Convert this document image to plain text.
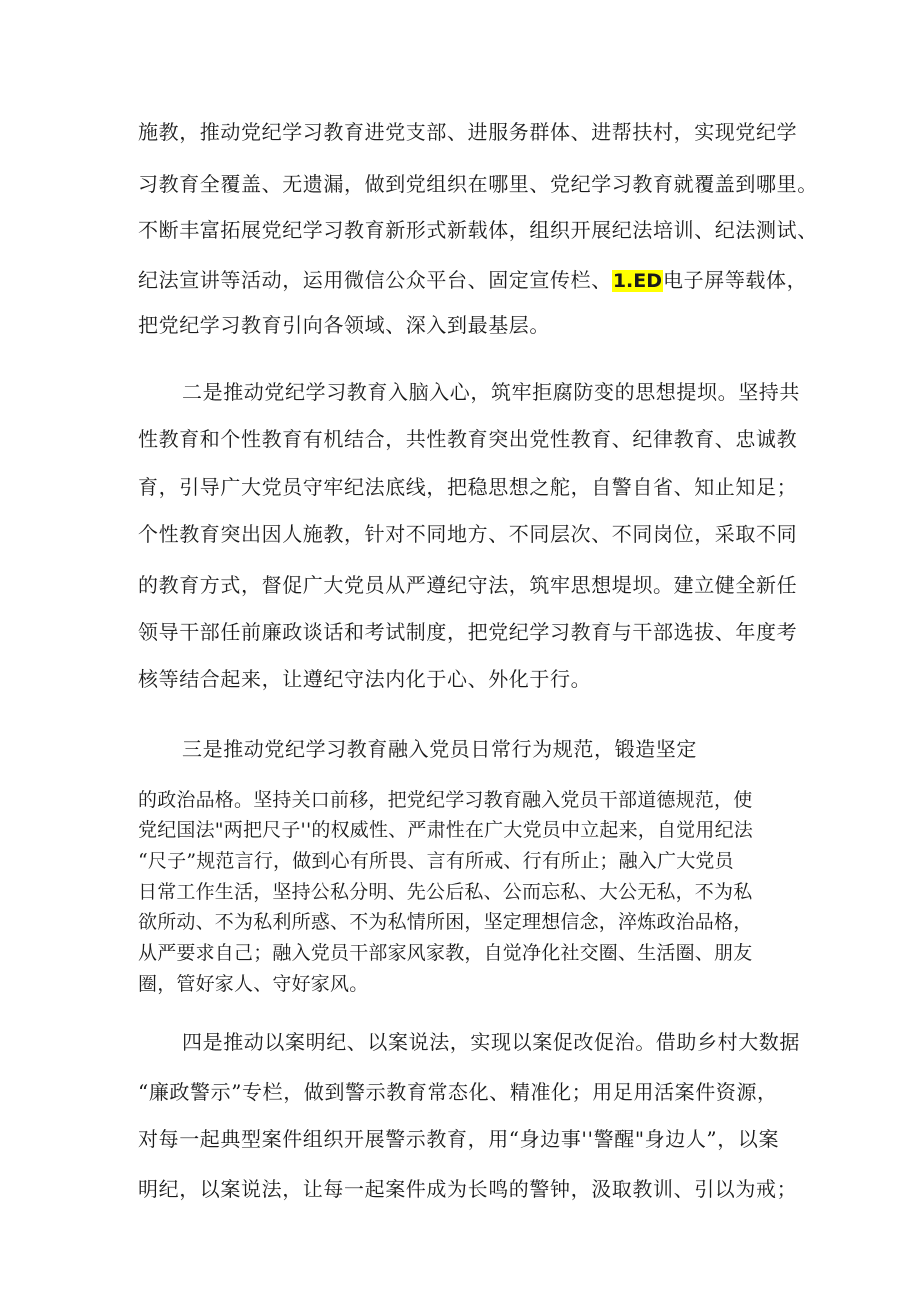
施教，推动党纪学习教育进党支部、进服务群体、进帮扶村，实现党纪学
习教育全覆盖、无遗漏，做到党组织在哪里、党纪学习教育就覆盖到哪里。
不断丰富拓展党纪学习教育新形式新载体，组织开展纪法培训、纪法测试、
纪法宣讲等活动，运用微信公众平台、固定宣传栏、1.ED电子屏等载体，
把党纪学习教育引向各领域、深入到最基层。
二是推动党纪学习教育入脑入心，筑牢拒腐防变的思想提坝。坚持共
性教育和个性教育有机结合，共性教育突出党性教育、纪律教育、忠诚教
育，引导广大党员守牢纪法底线，把稳思想之舵，自警自省、知止知足；
个性教育突出因人施教，针对不同地方、不同层次、不同岗位，采取不同
的教育方式，督促广大党员从严遵纪守法，筑牢思想堤坝。建立健全新任
领导干部任前廉政谈话和考试制度，把党纪学习教育与干部选拔、年度考
核等结合起来，让遵纪守法内化于心、外化于行。
三是推动党纪学习教育融入党员日常行为规范，锻造坚定
的政治品格。坚持关口前移，把党纪学习教育融入党员干部道德规范，使
党纪国法"两把尺子''的权威性、严肃性在广大党员中立起来，自觉用纪法
“尺子”规范言行，做到心有所畏、言有所戒、行有所止；融入广大党员
日常工作生活，坚持公私分明、先公后私、公而忘私、大公无私，不为私
欲所动、不为私利所惑、不为私情所困，坚定理想信念，淬炼政治品格，
从严要求自己；融入党员干部家风家教，自觉净化社交圈、生活圈、朋友
圈，管好家人、守好家风。
四是推动以案明纪、以案说法，实现以案促改促治。借助乡村大数据
“廉政警示”专栏，做到警示教育常态化、精准化；用足用活案件资源，
对每一起典型案件组织开展警示教育，用“身边事''警醒"身边人”，以案
明纪，以案说法，让每一起案件成为长鸣的警钟，汲取教训、引以为戒；
